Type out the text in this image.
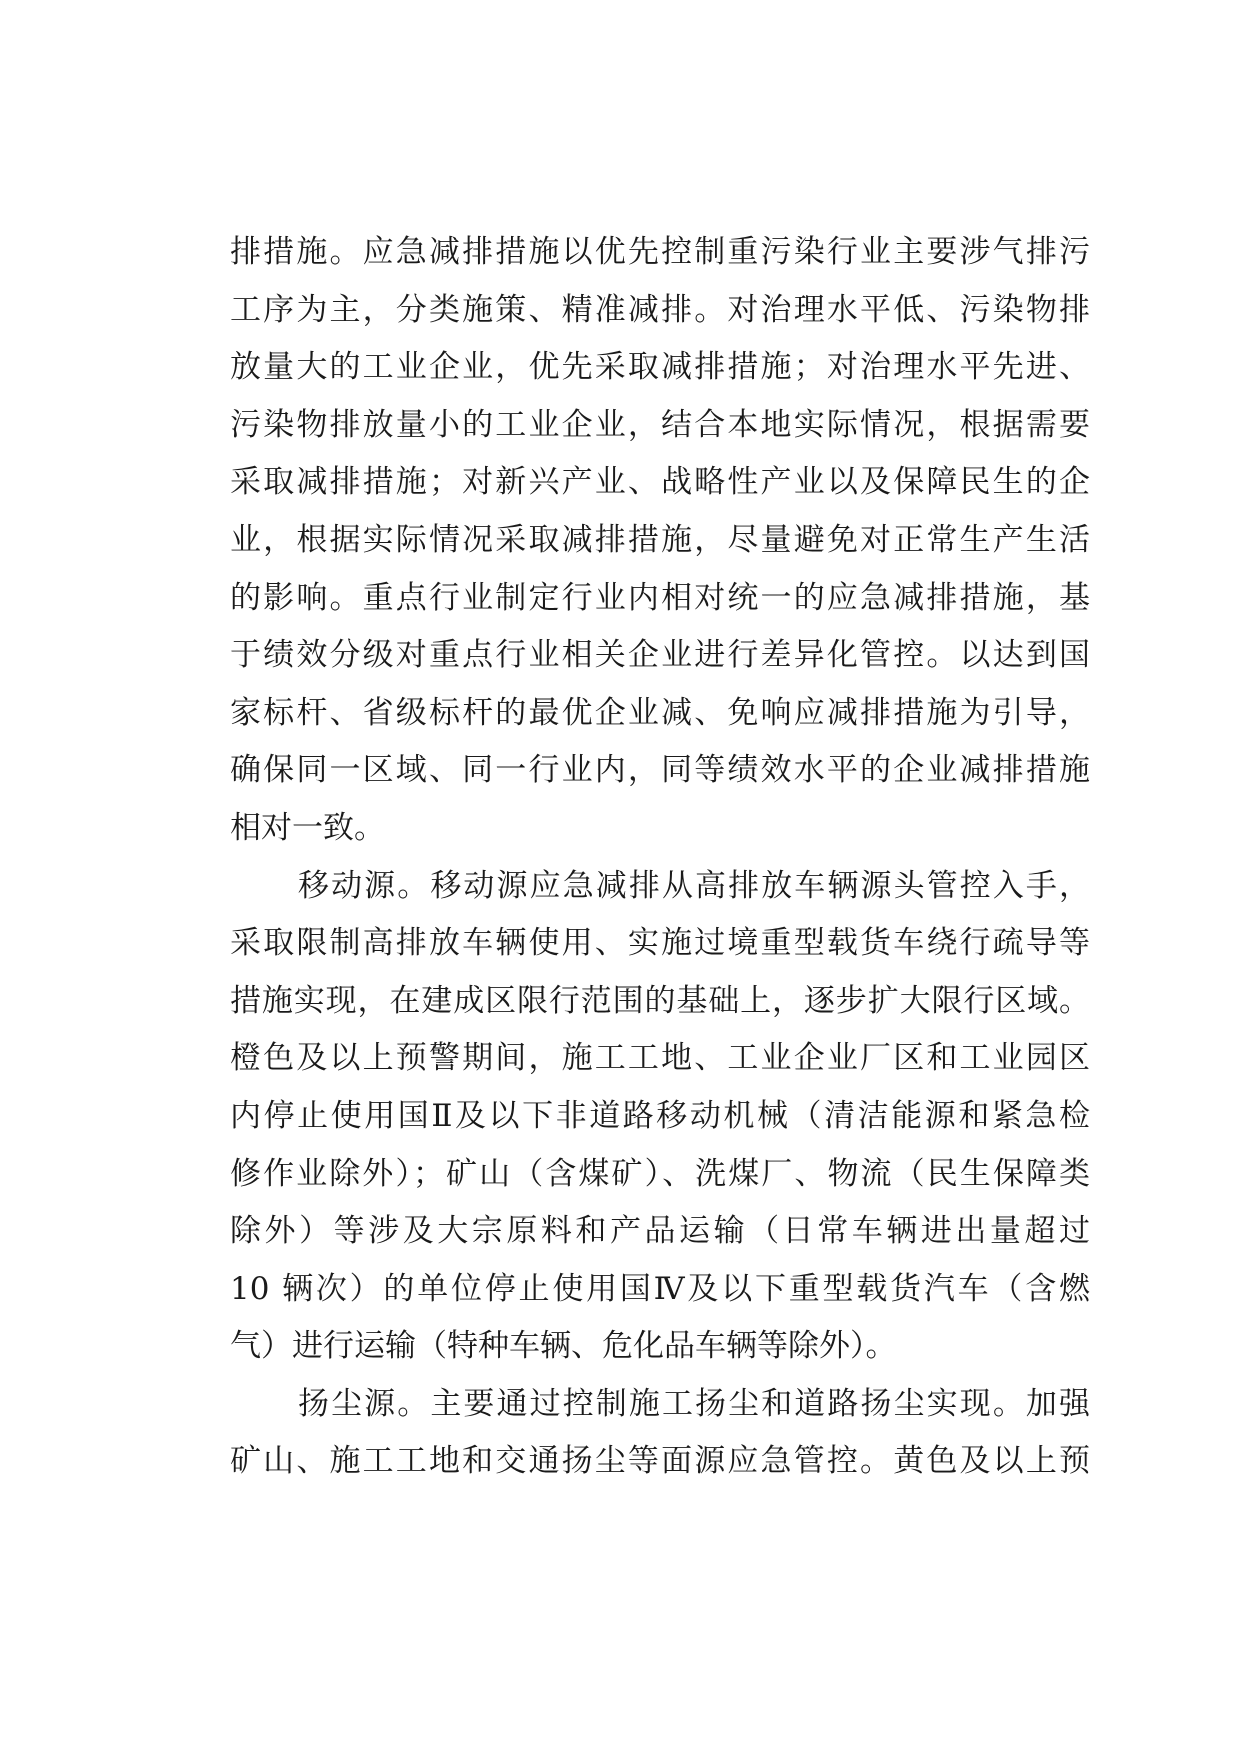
排措施。应急减排措施以优先控制重污染行业主要涉气排污
工序为主，分类施策、精准减排。对治理水平低、污染物排
放量大的工业企业，优先采取减排措施；对治理水平先进、
污染物排放量小的工业企业，结合本地实际情况，根据需要
采取减排措施；对新兴产业、战略性产业以及保障民生的企
业，根据实际情况采取减排措施，尽量避免对正常生产生活
的影响。重点行业制定行业内相对统一的应急减排措施，基
于绩效分级对重点行业相关企业进行差异化管控。以达到国
家标杆、省级标杆的最优企业减、免响应减排措施为引导，
确保同一区域、同一行业内，同等绩效水平的企业减排措施
相对一致。
移动源。移动源应急减排从高排放车辆源头管控入手，
采取限制高排放车辆使用、实施过境重型载货车绕行疏导等
措施实现，在建成区限行范围的基础上，逐步扩大限行区域。
橙色及以上预警期间，施工工地、工业企业厂区和工业园区
内停止使用国Ⅱ及以下非道路移动机械（清洁能源和紧急检
修作业除外）；矿山（含煤矿）、洗煤厂、物流（民生保障类
除外）等涉及大宗原料和产品运输（日常车辆进出量超过
10 辆次）的单位停止使用国Ⅳ及以下重型载货汽车（含燃
气）进行运输（特种车辆、危化品车辆等除外）。
扬尘源。主要通过控制施工扬尘和道路扬尘实现。加强
矿山、施工工地和交通扬尘等面源应急管控。黄色及以上预
